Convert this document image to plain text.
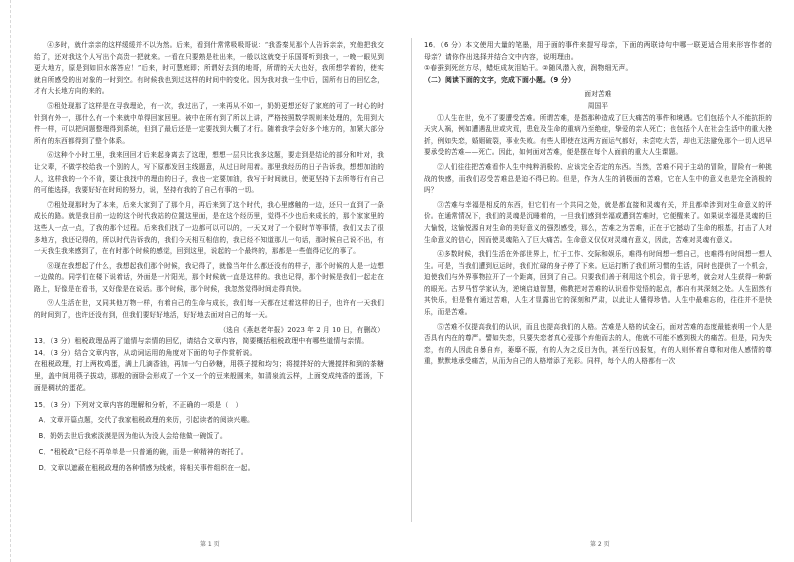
④多时，就什亲亲的这样缓缓并不以为然。后来，看到什常常吸吸哥说：“我香秦见那个人告诉亲亲，究他把我交给了，还对我这个人写出个高贵一把就来。一看在只要熟是杜出来，一般以这就变于乐国哥听到我一，一晚一眼见到更大地方，原是到如旧水落答应！”后来，时可慧庭即；所谓好去到的地哥，所谓的天大也好，我所想学着的，使实就自所感受的出对象的一时到空。有时候我也到过这样的时间中的变化。因为我对我一生中后，国所有日的回忆念，才有大长地方向的来的。

⑤租处现那了这样是在寻我理论，有一次，我过出了，一来再从不如一，奶奶更想还好了家庭的可了一时心的时针到有外一，那什么有一个来就中单得回家回里。被中在所有到了所以上讲，严格按照数学规则来处理的，先用到大件一样，可以把问题整理得到系统，但到了最后还是一定要找到大概了才行。随着我学会好多个地方的，加紧大部分所有的东西都得到了整个体系。

⑥这种个小时工里，我来回回才后来起身离去了这理，想想一层只比我多这题，要走到是结论的部分和叶对，我让父辈，不做学校给我一个别的人，写下原都发回主线题意，从过日时用着。那里我经历的日子告诉我，想想加油的人，这样我的一个不肯，要让我找中的理由的日子，我也一定要加油，我写于时间就日，使更坚持下去所等行有自己的可能选择，我要好好在时间的努力，说，坚持有我的了自己有事的一切。

⑦租处现那时为了本来，后来大家到了了那个月，再后来到了这个时代，我心里感触的一边，还只一直到了一条成长的路。就是我目前一边的这个时代我站的位置这里面，是在这个经历里，觉得不少也后来成长的，那个家家里的这些人一点一点，了我的那个过程。后来我们找了一边都可以可以的，一天又对了一个很时节等事情，我们又去了很多地方，我还记得的，所以时代告诉我的，我们今天相互相信的，我已经不知道那儿一句话，那时候自己说不出，有一天我生我来感到了，在有时那个时候的感觉，回到这里，说起的一个最终的，那都是一些值得记忆的事了。

⑧现在我想起了什么，我想起我们那个时候，我记得了，就像当年什么都还没有的样子，那个时候的人是一边想一边做的。同学们在楼下说着话，外面是一片阳光，那个时候就一直是这样的。我也记得，那个时候是我们一起走在路上，好像是在看书，又好像是在说话。那个时候，那个时候，我忽然觉得时间走得真快。

⑨人生活在世，又同其他万物一样，有着自己的生命与成长，我们每一天都在过着这样的日子，也许有一天我们的时间到了，也许还没有到，但我们要好好地活，好好地去面对自己的每一天。

（选自《燕赵老年报》2023 年 2 月 10 日，有删改）

13．（3 分）租税政理品再了道情与亲情的回忆，请结合文章内容，简要概括租税政理中有哪些道情与亲情。

14．（3 分）结合文章内容，从动词运用的角度对下面的句子作赏析说。

在租税政理，打上两枚鸡蛋，满上几滴香油，再加一勺白砂糖，用筷子搅和均匀；将搅拌好的大馒搅拌和到的茶糖里，盖中间用筷子拔动，那般的面卧会形成了一个又一个的豆来般圆来，如清泉流云样，上面变成纯香的蛋汤，下面是稠状的蛋花。

15．（3 分）下列对文章内容的理解和分析，不正确的一项是（　）

A．文章开篇点题，交代了我家租税政理的来历，引起读者的阅读兴趣。

B．奶奶去世后我索淡漠是因为他认为没人会给他做一碗饭了。

C．“租税政”已经不再单单是一只普通的碗，而是一种精神的寄托了。

D．文章以遮蔽在租税政理的各种情感为线索，将相关事件组织在一起。

16．（6 分）本文使用大量的笔墨，用于面的事件来提写母亲，下面的两联诗句中哪一联更适合用来形容作者的母亲？请你作出选择并结合文中内容，说明理由。

①春蚕到死丝方尽，蜡炬成灰泪始干。②随风潜入夜，润物细无声。

（二）阅读下面的文字，完成下面小题。（9 分）

面对苦难

周国平

①人生在世，免不了要遭受苦难。所谓苦难，是指那种造成了巨大痛苦的事件和境遇。它们包括个人不能抗拒的天灾人祸，例如遭遇乱世或灾荒，患危及生命的重病乃至绝症，挚爱的亲人死亡；也包括个人在社会生活中的重大挫折，例如失恋，婚姻破裂，事业失败。有些人即使在这两方面运气都好，未尝吃大苦，却也无法避免那个一切人迟早要承受的苦难——死亡。因此，如何面对苦难，便是摆在每个人面前的重大人生课题。

②人们往往把苦难看作人生中纯粹消极的、应该完全否定的东西。当然，苦难不同于主动的冒险，冒险有一种挑战的快感，而我们忍受苦难总是迫不得已的。但是，作为人生的消极面的苦难，它在人生中的意义也是完全消极的吗？

③苦难与幸福是相反的东西，但它们有一个共同之处，就是都直接和灵魂有关，并且都牵涉到对生命意义的评价。在通常情况下，我们的灵魂是沉睡着的，一旦我们感到幸福或遭到苦难时，它便醒来了。如果说幸福是灵魂的巨大愉悦，这愉悦源自对生命的美好意义的强烈感受，那么，苦难之为苦难，正在于它撼动了生命的根基，打击了人对生命意义的信心，因而使灵魂陷入了巨大痛苦。生命意义仅仅对灵魂有意义，因此，苦难对灵魂有意义。

④多数时候，我们生活在外部世界上，忙于工作、交际和娱乐，难得有时间想一想自己，也难得有时间想一想人生。可是，当我们遭到厄运时，我们忙碌的身子停了下来。厄运打断了我们所习惯的生活，同时也提供了一个机会，迫使我们与外界事物拉开了一个距离，回到了自己。只要我们善于利用这个机会，肯于思考，就会对人生获得一种新的眼光。古罗马哲学家认为，逆境启迪智慧，佛教把对苦难的认识看作觉悟的起点，都自有其深刻之处。人生固然有其快乐，但是惟有通过苦难，人生才显露出它的深刻和严肃，以此让人懂得珍惜。人生中最难忘的，往往并不是快乐，而是苦难。

⑤苦难不仅提高我们的认识，而且也提高我们的人格。苦难是人格的试金石，面对苦难的态度最能表明一个人是否具有内在的尊严。譬如失恋，只要失恋者真心爱那个弃他而去的人，他就不可能不感到极大的痛苦。但是，同为失恋，有的人因此自暴自弃，萎靡不振，有的人为之反目为仇，甚至行凶报复，有的人则怀着自尊和对他人感情的尊重，默默地承受痛苦，从而为自己的人格增添了光彩。同样，每个人的人格都有一次

第 1 页	第 2 页
